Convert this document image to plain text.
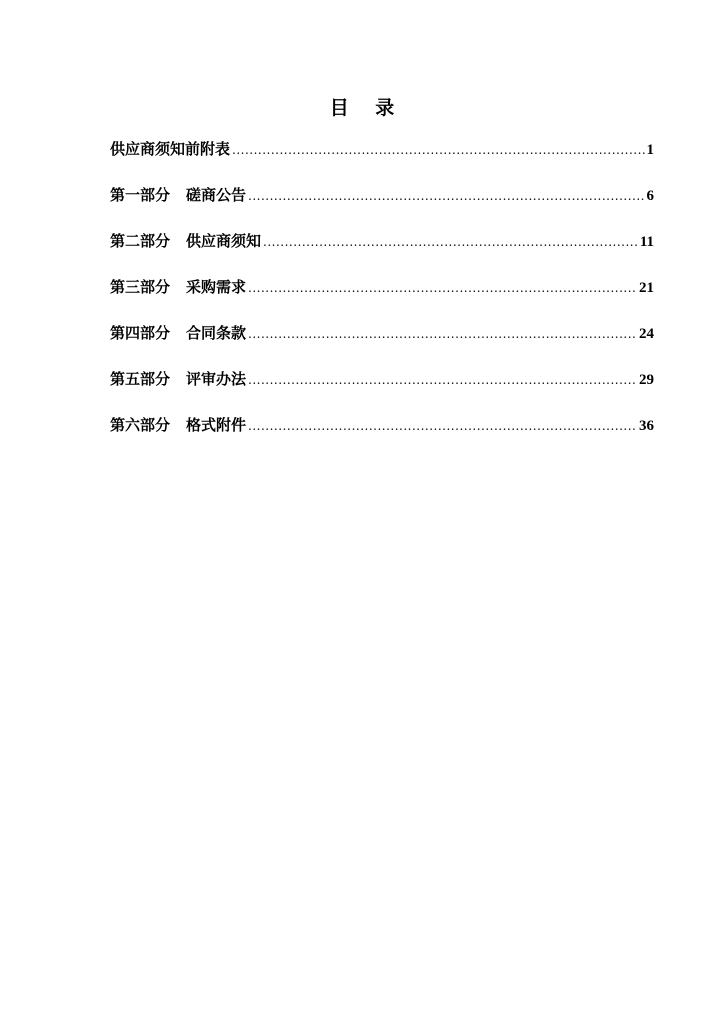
目 录
供应商须知前附表 .....	1
第一部分 磋商公告 .....	6
第二部分 供应商须知 .....	11
第三部分 采购需求 .....	21
第四部分 合同条款 .....	24
第五部分 评审办法 .....	29
第六部分 格式附件 .....	36
